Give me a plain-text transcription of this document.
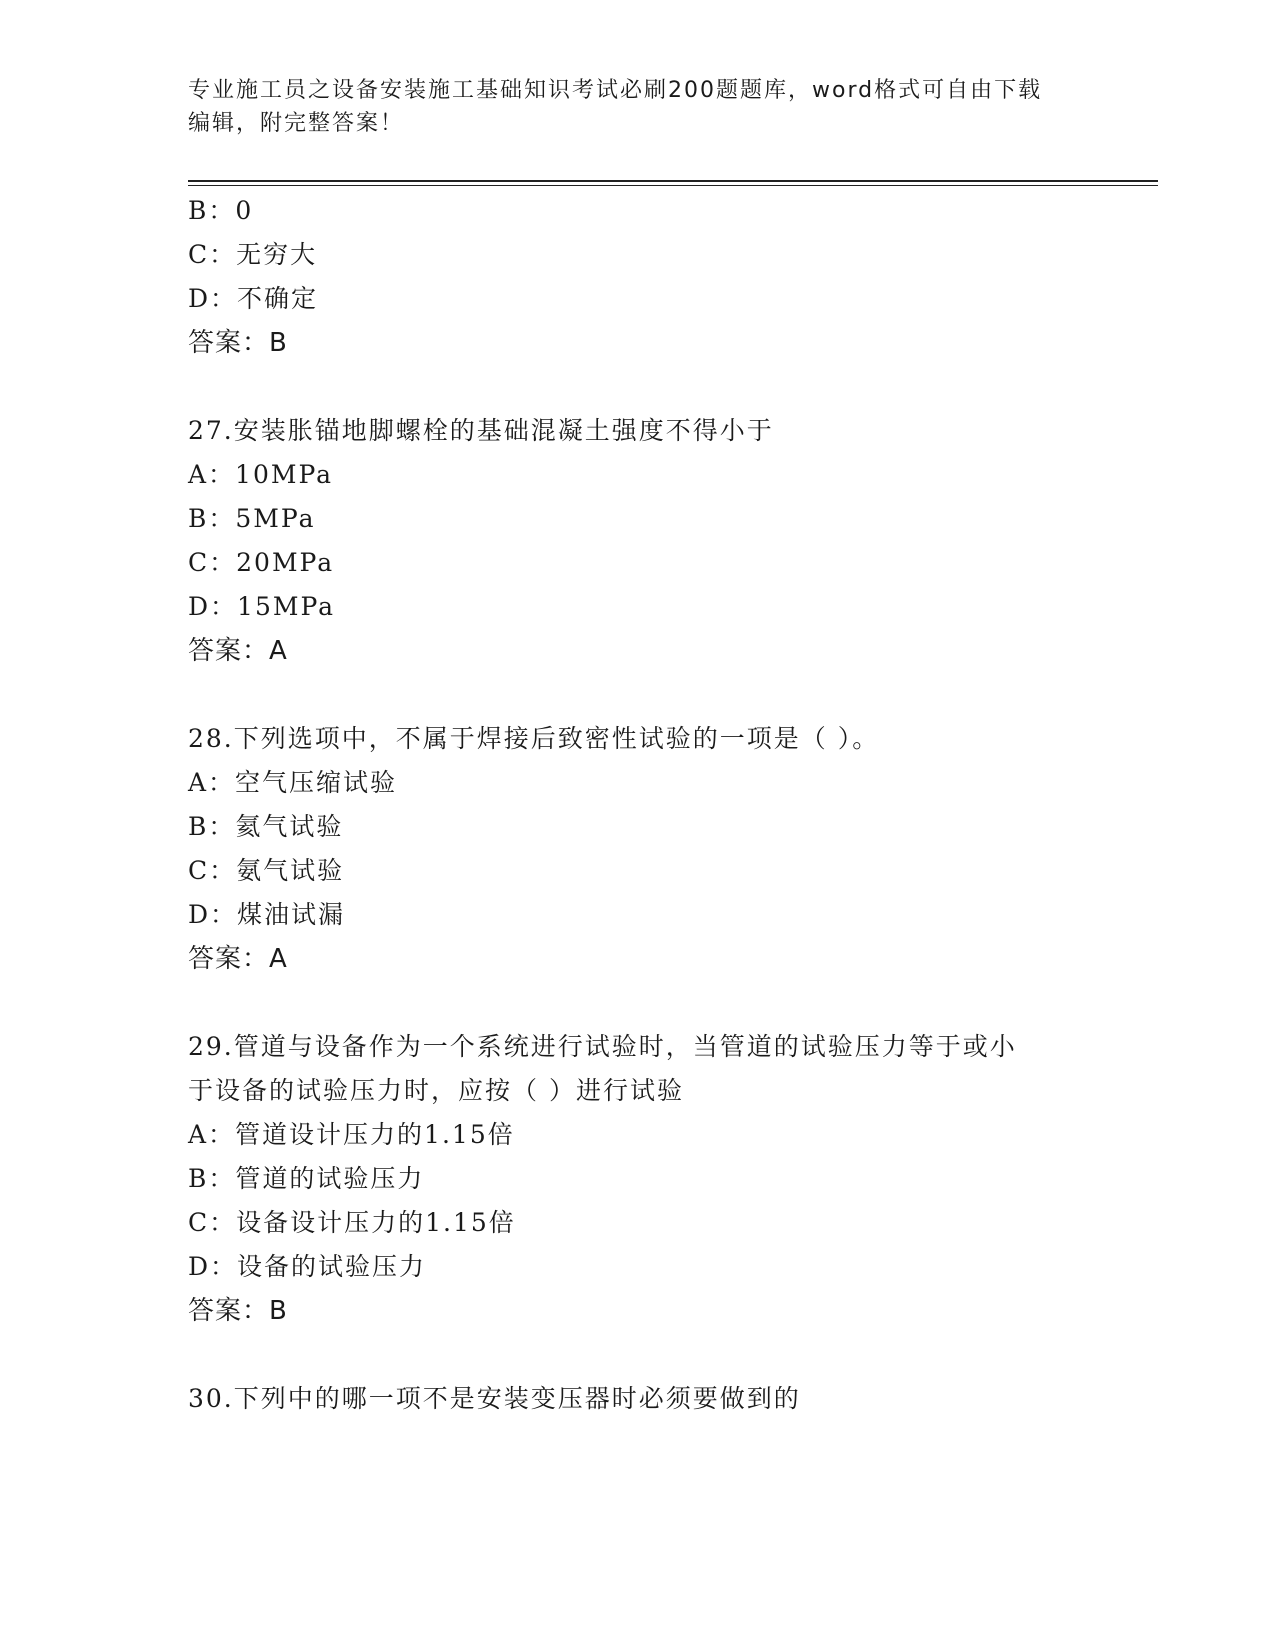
专业施工员之设备安装施工基础知识考试必刷200题题库，word格式可自由下载
编辑，附完整答案！
B：0
C：无穷大
D：不确定
答案：B
27.安装胀锚地脚螺栓的基础混凝土强度不得小于
A：10MPa
B：5MPa
C：20MPa
D：15MPa
答案：A
28.下列选项中，不属于焊接后致密性试验的一项是（ ）。
A：空气压缩试验
B：氦气试验
C：氨气试验
D：煤油试漏
答案：A
29.管道与设备作为一个系统进行试验时，当管道的试验压力等于或小
于设备的试验压力时，应按（ ）进行试验
A：管道设计压力的1.15倍
B：管道的试验压力
C：设备设计压力的1.15倍
D：设备的试验压力
答案：B
30.下列中的哪一项不是安装变压器时必须要做到的
